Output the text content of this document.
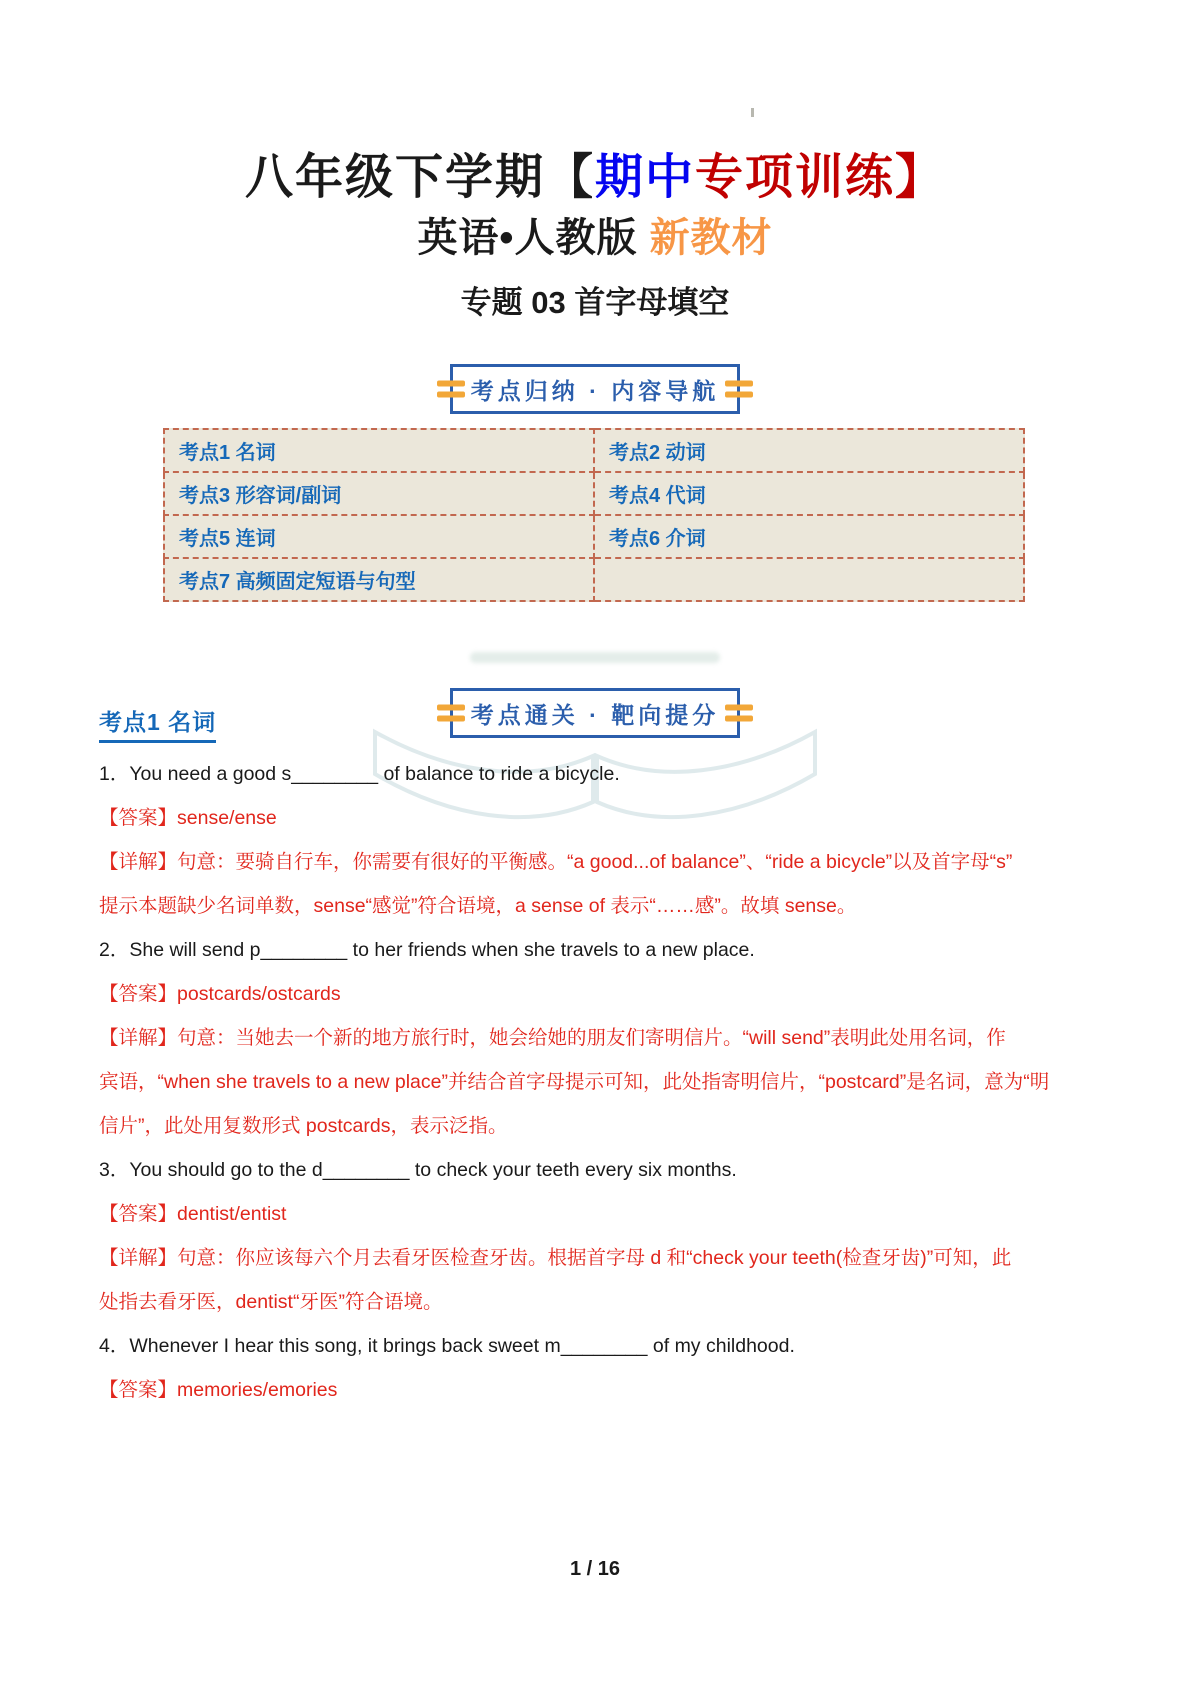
八年级下学期【期中专项训练】
英语•人教版 新教材
专题 03 首字母填空
考点归纳 · 内容导航
考点1 名词	考点2 动词
考点3 形容词/副词	考点4 代词
考点5 连词	考点6 介词
考点7 高频固定短语与句型	
考点通关 · 靶向提分
考点1 名词
1．You need a good s________ of balance to ride a bicycle.
【答案】sense/ense
【详解】句意：要骑自行车，你需要有很好的平衡感。“a good...of balance”、“ride a bicycle”以及首字母“s”
提示本题缺少名词单数，sense“感觉”符合语境，a sense of 表示“……感”。故填 sense。
2．She will send p________ to her friends when she travels to a new place.
【答案】postcards/ostcards
【详解】句意：当她去一个新的地方旅行时，她会给她的朋友们寄明信片。“will send”表明此处用名词，作
宾语，“when she travels to a new place”并结合首字母提示可知，此处指寄明信片，“postcard”是名词，意为“明
信片”，此处用复数形式 postcards，表示泛指。
3．You should go to the d________ to check your teeth every six months.
【答案】dentist/entist
【详解】句意：你应该每六个月去看牙医检查牙齿。根据首字母 d 和“check your teeth(检查牙齿)”可知，此
处指去看牙医，dentist“牙医”符合语境。
4．Whenever I hear this song, it brings back sweet m________ of my childhood.
【答案】memories/emories
1 / 16
